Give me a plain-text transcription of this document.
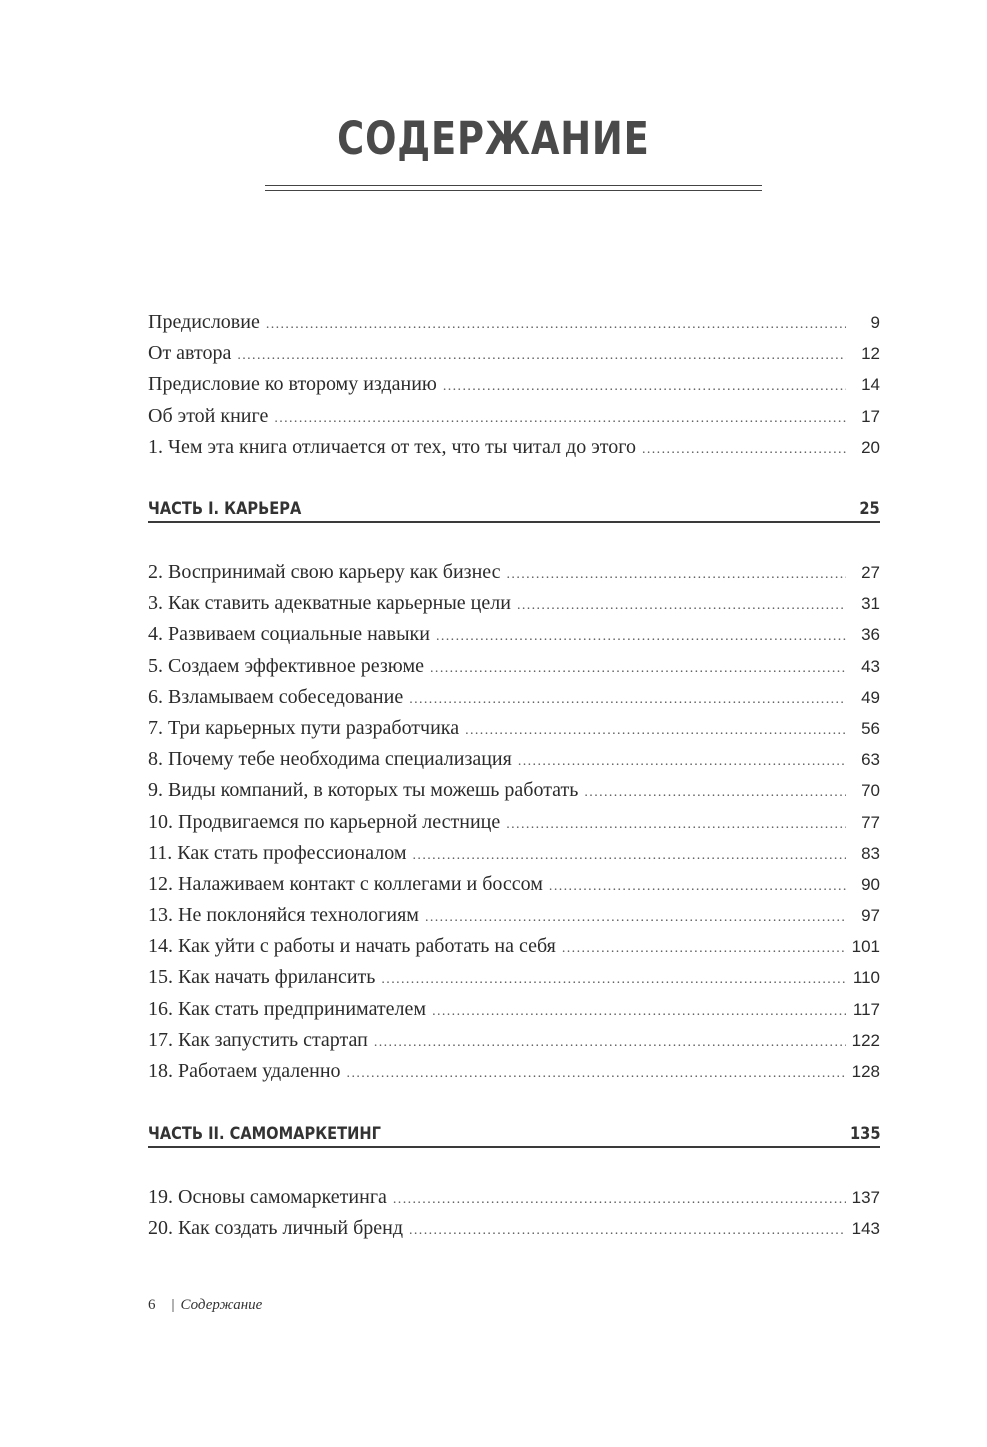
СОДЕРЖАНИЕ
Предисловие .....	9
От автора .....	12
Предисловие ко второму изданию .....	14
Об этой книге .....	17
1. Чем эта книга отличается от тех, что ты читал до этого .....	20
ЧАСТЬ I. КАРЬЕРА	25
2. Воспринимай свою карьеру как бизнес .....	27
3. Как ставить адекватные карьерные цели .....	31
4. Развиваем социальные навыки .....	36
5. Создаем эффективное резюме .....	43
6. Взламываем собеседование .....	49
7. Три карьерных пути разработчика .....	56
8. Почему тебе необходима специализация .....	63
9. Виды компаний, в которых ты можешь работать .....	70
10. Продвигаемся по карьерной лестнице .....	77
11. Как стать профессионалом .....	83
12. Налаживаем контакт с коллегами и боссом .....	90
13. Не поклоняйся технологиям .....	97
14. Как уйти с работы и начать работать на себя .....	101
15. Как начать фрилансить .....	110
16. Как стать предпринимателем .....	117
17. Как запустить стартап .....	122
18. Работаем удаленно .....	128
ЧАСТЬ II. САМОМАРКЕТИНГ	135
19. Основы самомаркетинга .....	137
20. Как создать личный бренд .....	143
6 | Содержание
